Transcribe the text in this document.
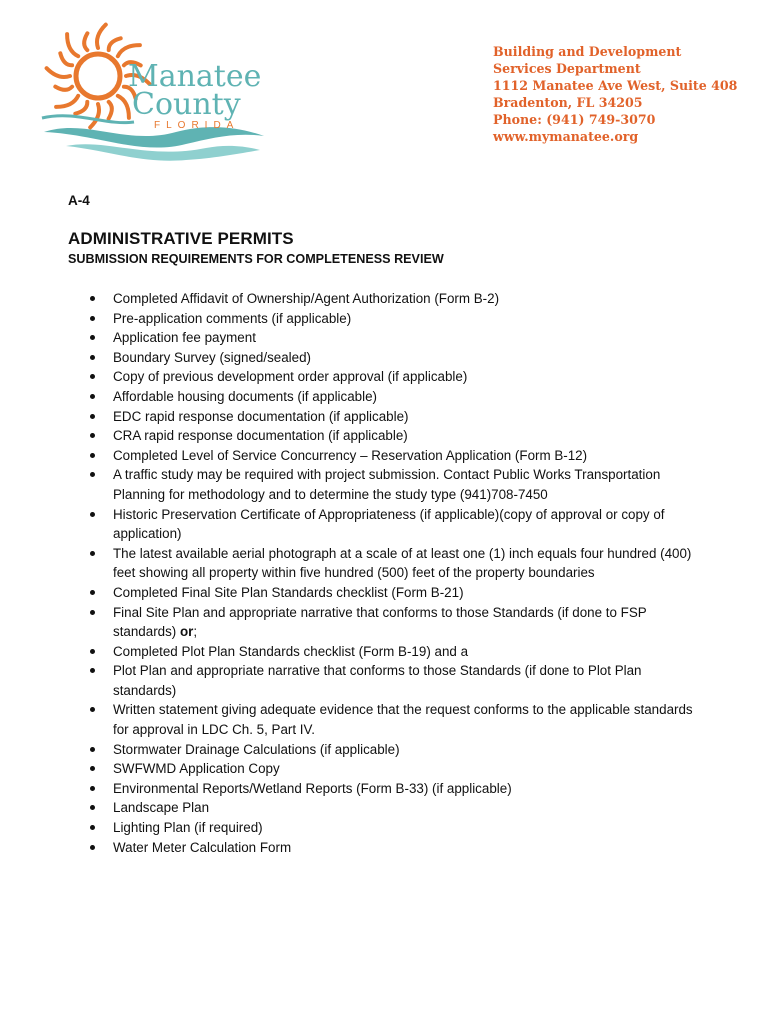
Manatee
County
FLORIDA
Building and Development
Services Department
1112 Manatee Ave West, Suite 408
Bradenton, FL 34205
Phone: (941) 749-3070
www.mymanatee.org
A-4
ADMINISTRATIVE PERMITS
SUBMISSION REQUIREMENTS FOR COMPLETENESS REVIEW
Completed Affidavit of Ownership/Agent Authorization (Form B-2)
Pre-application comments (if applicable)
Application fee payment
Boundary Survey (signed/sealed)
Copy of previous development order approval (if applicable)
Affordable housing documents (if applicable)
EDC rapid response documentation (if applicable)
CRA rapid response documentation (if applicable)
Completed Level of Service Concurrency – Reservation Application (Form B-12)
A traffic study may be required with project submission. Contact Public Works Transportation Planning for methodology and to determine the study type (941)708-7450
Historic Preservation Certificate of Appropriateness (if applicable)(copy of approval or copy of application)
The latest available aerial photograph at a scale of at least one (1) inch equals four hundred (400) feet showing all property within five hundred (500) feet of the property boundaries
Completed Final Site Plan Standards checklist (Form B-21)
Final Site Plan and appropriate narrative that conforms to those Standards (if done to FSP standards) or;
Completed Plot Plan Standards checklist (Form B-19) and a
Plot Plan and appropriate narrative that conforms to those Standards (if done to Plot Plan standards)
Written statement giving adequate evidence that the request conforms to the applicable standards for approval in LDC Ch. 5, Part IV.
Stormwater Drainage Calculations (if applicable)
SWFWMD Application Copy
Environmental Reports/Wetland Reports (Form B-33) (if applicable)
Landscape Plan
Lighting Plan (if required)
Water Meter Calculation Form
